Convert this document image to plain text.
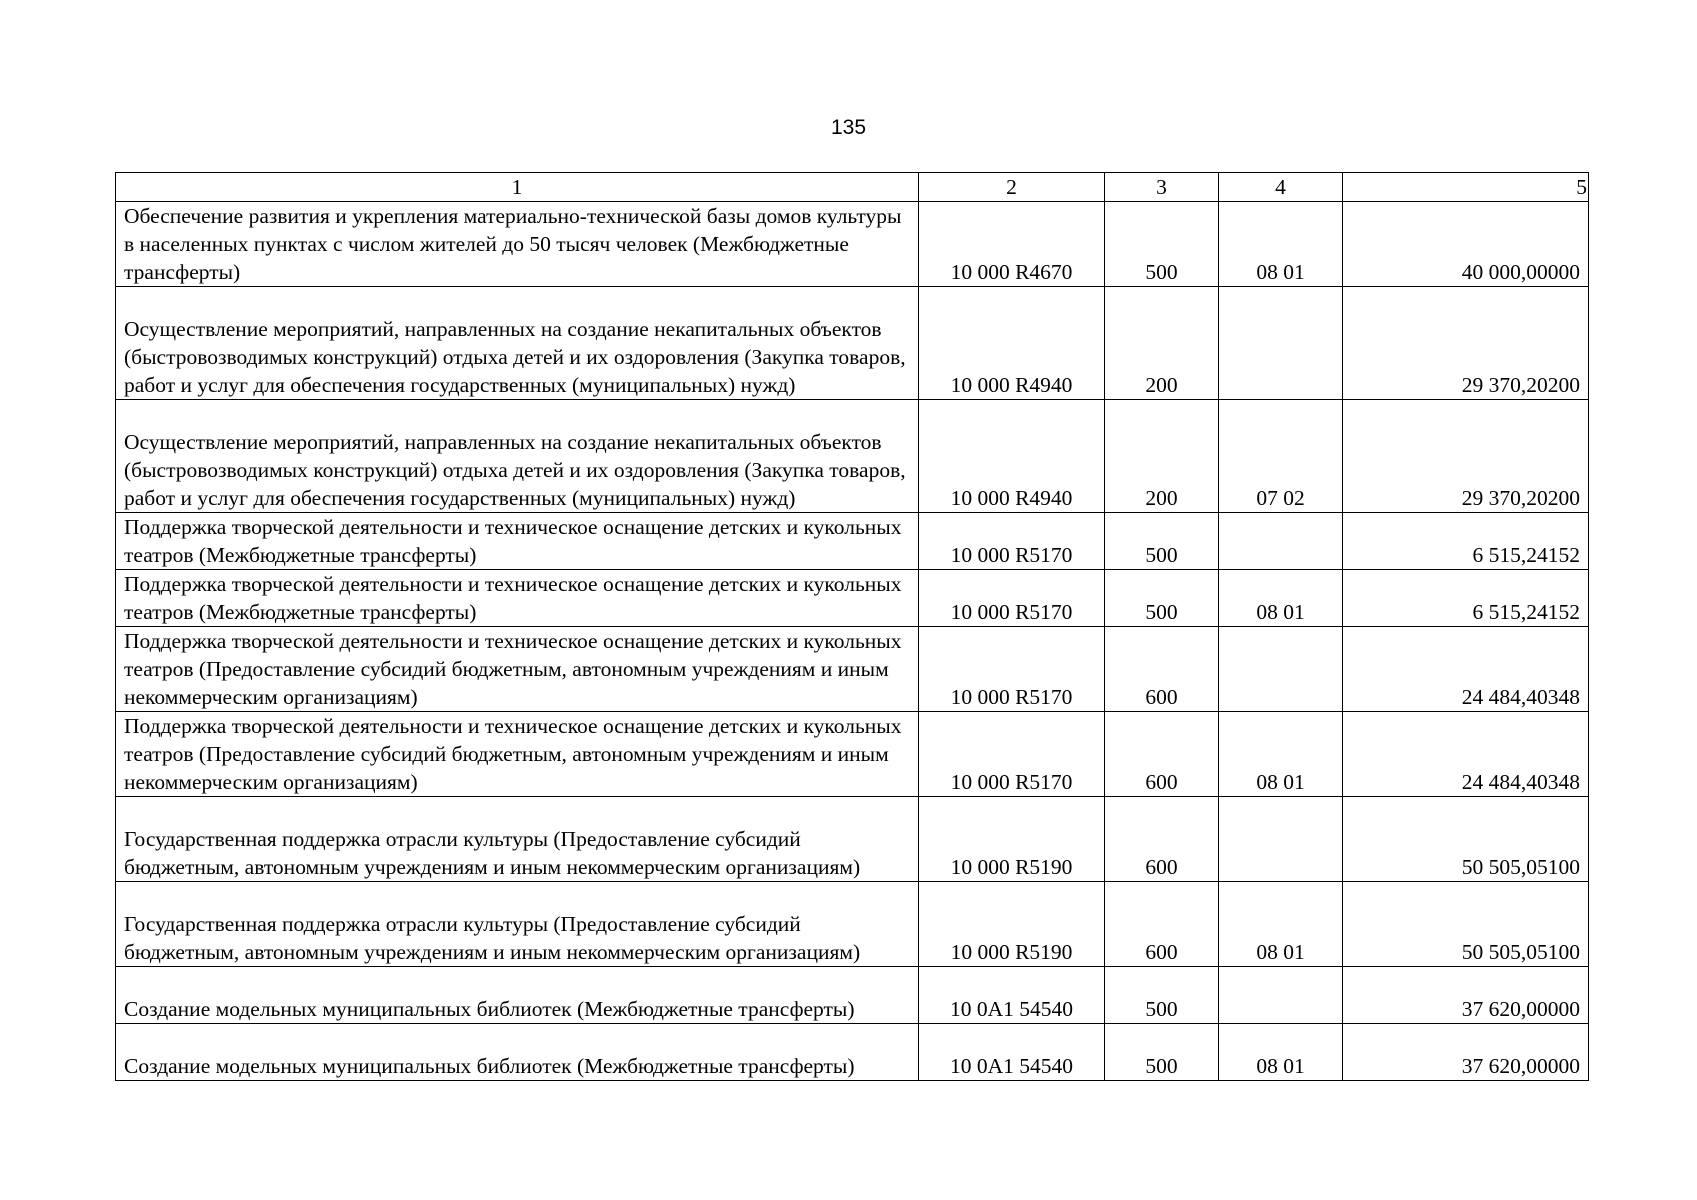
135
1	2	3	4	5
Обеспечение развития и укрепления материально-технической базы домов культуры в населенных пунктах с числом жителей до 50 тысяч человек (Межбюджетные трансферты)	10 000 R4670	500	08 01	40 000,00000
Осуществление мероприятий, направленных на создание некапитальных объектов (быстровозводимых конструкций) отдыха детей и их оздоровления (Закупка товаров, работ и услуг для обеспечения государственных (муниципальных) нужд)	10 000 R4940	200		29 370,20200
Осуществление мероприятий, направленных на создание некапитальных объектов (быстровозводимых конструкций) отдыха детей и их оздоровления (Закупка товаров, работ и услуг для обеспечения государственных (муниципальных) нужд)	10 000 R4940	200	07 02	29 370,20200
Поддержка творческой деятельности и техническое оснащение детских и кукольных театров (Межбюджетные трансферты)	10 000 R5170	500		6 515,24152
Поддержка творческой деятельности и техническое оснащение детских и кукольных театров (Межбюджетные трансферты)	10 000 R5170	500	08 01	6 515,24152
Поддержка творческой деятельности и техническое оснащение детских и кукольных театров (Предоставление субсидий бюджетным, автономным учреждениям и иным некоммерческим организациям)	10 000 R5170	600		24 484,40348
Поддержка творческой деятельности и техническое оснащение детских и кукольных театров (Предоставление субсидий бюджетным, автономным учреждениям и иным некоммерческим организациям)	10 000 R5170	600	08 01	24 484,40348
Государственная поддержка отрасли культуры (Предоставление субсидий бюджетным, автономным учреждениям и иным некоммерческим организациям)	10 000 R5190	600		50 505,05100
Государственная поддержка отрасли культуры (Предоставление субсидий бюджетным, автономным учреждениям и иным некоммерческим организациям)	10 000 R5190	600	08 01	50 505,05100
Создание модельных муниципальных библиотек (Межбюджетные трансферты)	10 0A1 54540	500		37 620,00000
Создание модельных муниципальных библиотек (Межбюджетные трансферты)	10 0A1 54540	500	08 01	37 620,00000
